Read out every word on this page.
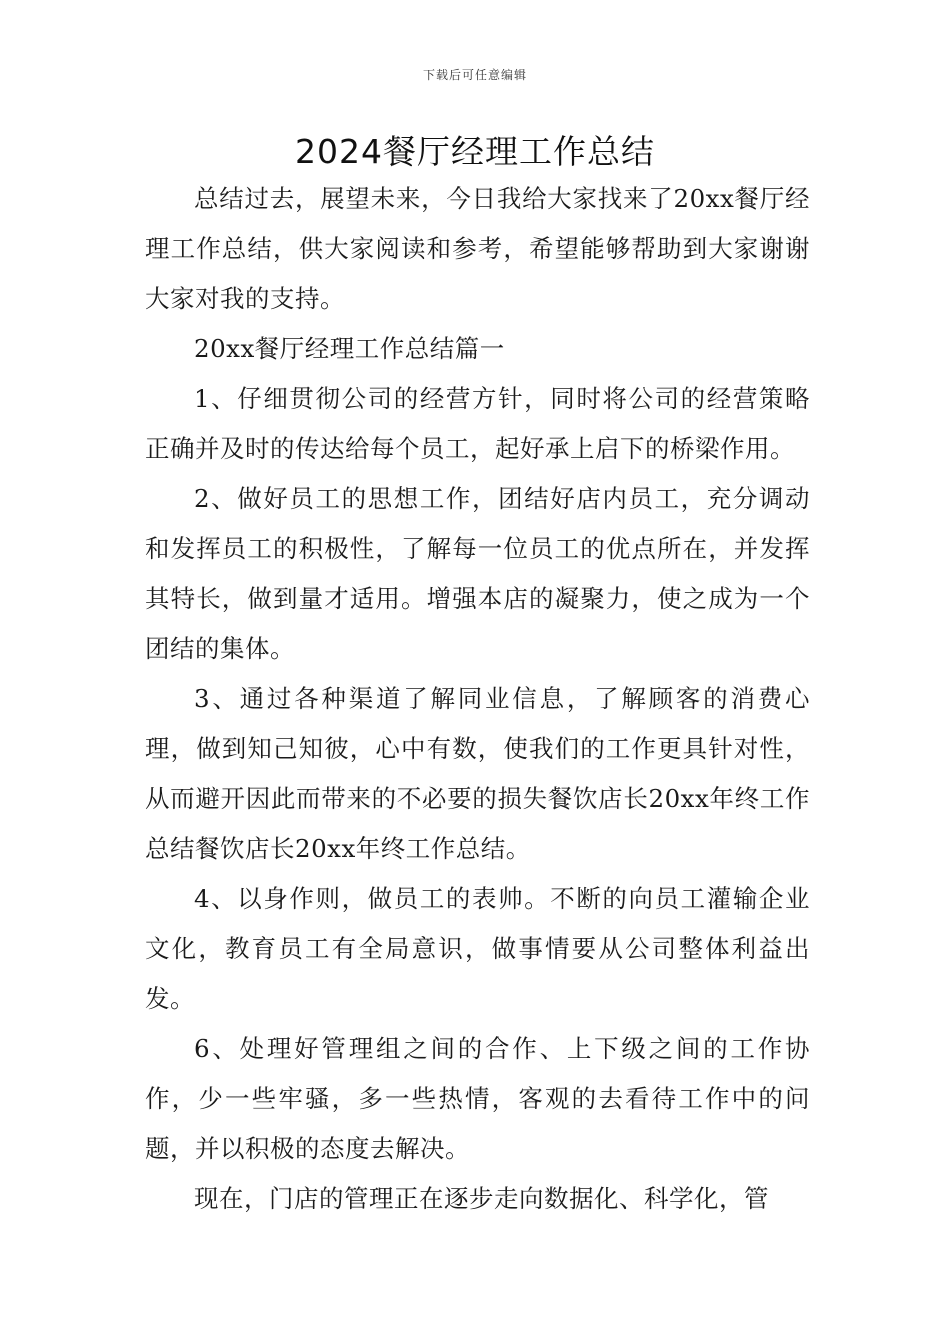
下载后可任意编辑
2024餐厅经理工作总结

总结过去，展望未来，今日我给大家找来了20xx餐厅经理工作总结，供大家阅读和参考，希望能够帮助到大家谢谢大家对我的支持。

20xx餐厅经理工作总结篇一

1、仔细贯彻公司的经营方针，同时将公司的经营策略正确并及时的传达给每个员工，起好承上启下的桥梁作用。

2、做好员工的思想工作，团结好店内员工，充分调动和发挥员工的积极性，了解每一位员工的优点所在，并发挥其特长，做到量才适用。增强本店的凝聚力，使之成为一个团结的集体。

3、通过各种渠道了解同业信息，了解顾客的消费心理，做到知己知彼，心中有数，使我们的工作更具针对性，从而避开因此而带来的不必要的损失餐饮店长20xx年终工作总结餐饮店长20xx年终工作总结。

4、以身作则，做员工的表帅。不断的向员工灌输企业文化，教育员工有全局意识，做事情要从公司整体利益出发。

6、处理好管理组之间的合作、上下级之间的工作协作，少一些牢骚，多一些热情，客观的去看待工作中的问题，并以积极的态度去解决。

现在，门店的管理正在逐步走向数据化、科学化，管
